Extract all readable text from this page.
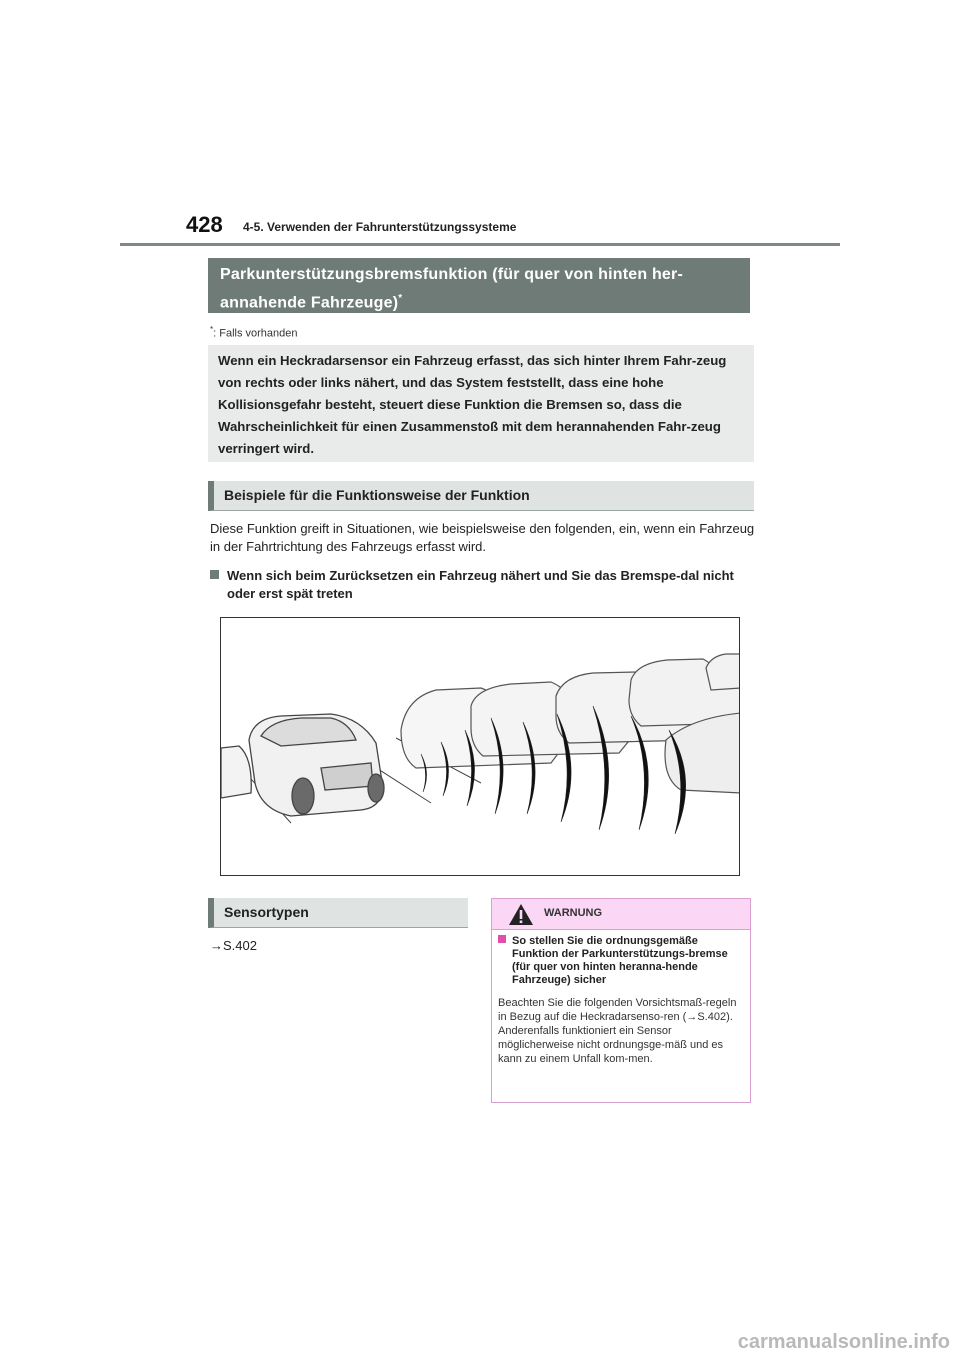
428 4-5. Verwenden der Fahrunterstützungssysteme
Parkunterstützungsbremsfunktion (für quer von hinten her-annahende Fahrzeuge)*
*: Falls vorhanden
Wenn ein Heckradarsensor ein Fahrzeug erfasst, das sich hinter Ihrem Fahr-zeug von rechts oder links nähert, und das System feststellt, dass eine hohe Kollisionsgefahr besteht, steuert diese Funktion die Bremsen so, dass die Wahrscheinlichkeit für einen Zusammenstoß mit dem herannahenden Fahr-zeug verringert wird.
Beispiele für die Funktionsweise der Funktion
Diese Funktion greift in Situationen, wie beispielsweise den folgenden, ein, wenn ein Fahrzeug in der Fahrtrichtung des Fahrzeugs erfasst wird.
Wenn sich beim Zurücksetzen ein Fahrzeug nähert und Sie das Bremspe-dal nicht oder erst spät treten
Sensortypen
→S.402
WARNUNG
So stellen Sie die ordnungsgemäße Funktion der Parkunterstützungs-bremse (für quer von hinten heranna-hende Fahrzeuge) sicher
Beachten Sie die folgenden Vorsichtsmaß-regeln in Bezug auf die Heckradarsenso-ren (→S.402). Anderenfalls funktioniert ein Sensor möglicherweise nicht ordnungsge-mäß und es kann zu einem Unfall kom-men.
carmanualsonline.info
